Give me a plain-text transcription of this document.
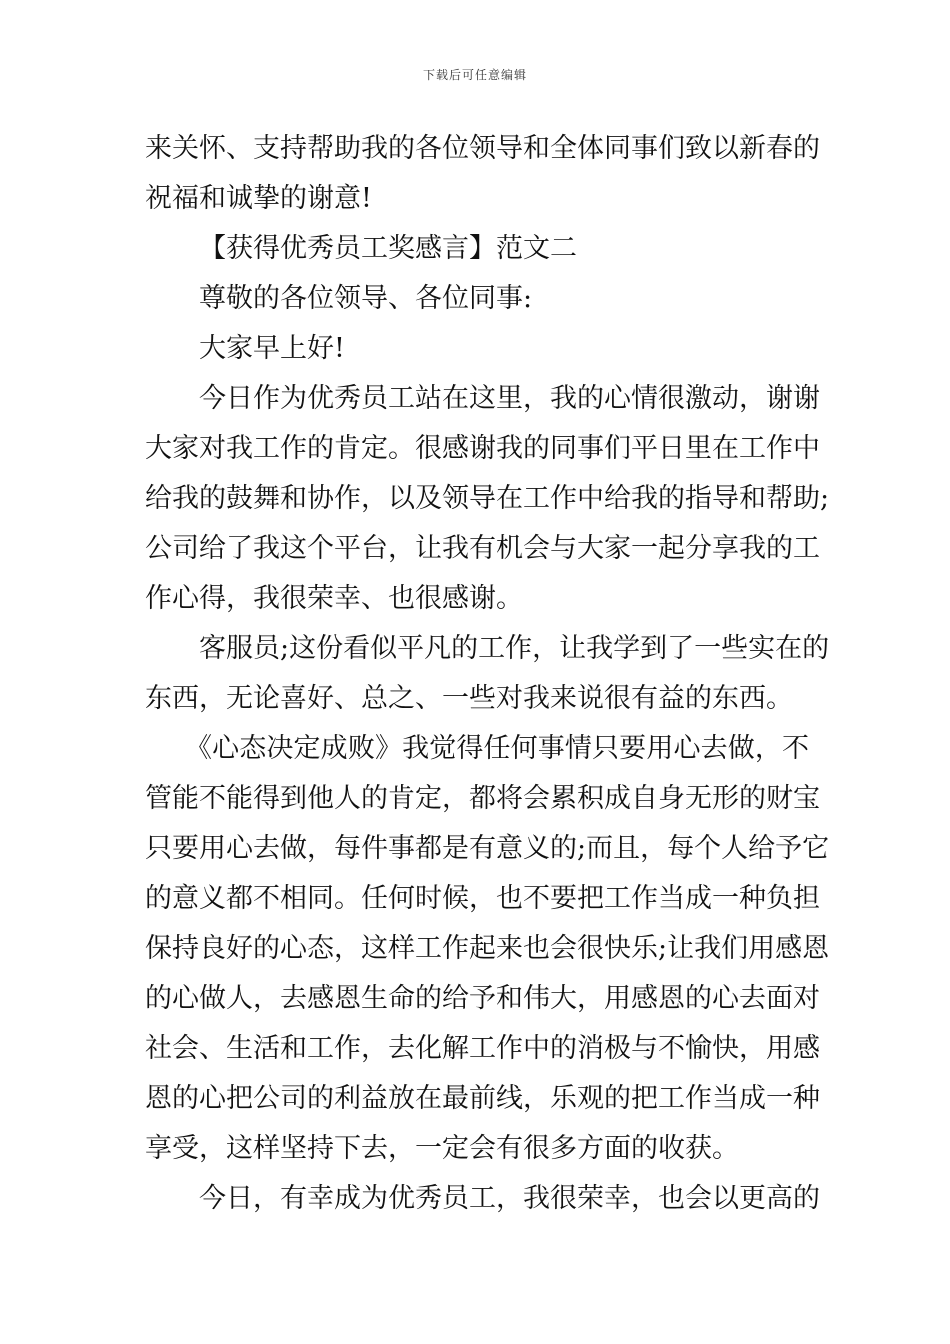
下载后可任意编辑
来关怀、支持帮助我的各位领导和全体同事们致以新春的
祝福和诚挚的谢意!
【获得优秀员工奖感言】范文二
尊敬的各位领导、各位同事:
大家早上好!
今日作为优秀员工站在这里，我的心情很激动，谢谢
大家对我工作的肯定。很感谢我的同事们平日里在工作中
给我的鼓舞和协作，以及领导在工作中给我的指导和帮助;
公司给了我这个平台，让我有机会与大家一起分享我的工
作心得，我很荣幸、也很感谢。
客服员;这份看似平凡的工作，让我学到了一些实在的
东西，无论喜好、总之、一些对我来说很有益的东西。
《心态决定成败》我觉得任何事情只要用心去做，不
管能不能得到他人的肯定，都将会累积成自身无形的财宝
只要用心去做，每件事都是有意义的;而且，每个人给予它
的意义都不相同。任何时候，也不要把工作当成一种负担
保持良好的心态，这样工作起来也会很快乐;让我们用感恩
的心做人，去感恩生命的给予和伟大，用感恩的心去面对
社会、生活和工作，去化解工作中的消极与不愉快，用感
恩的心把公司的利益放在最前线，乐观的把工作当成一种
享受，这样坚持下去，一定会有很多方面的收获。
今日，有幸成为优秀员工，我很荣幸，也会以更高的
